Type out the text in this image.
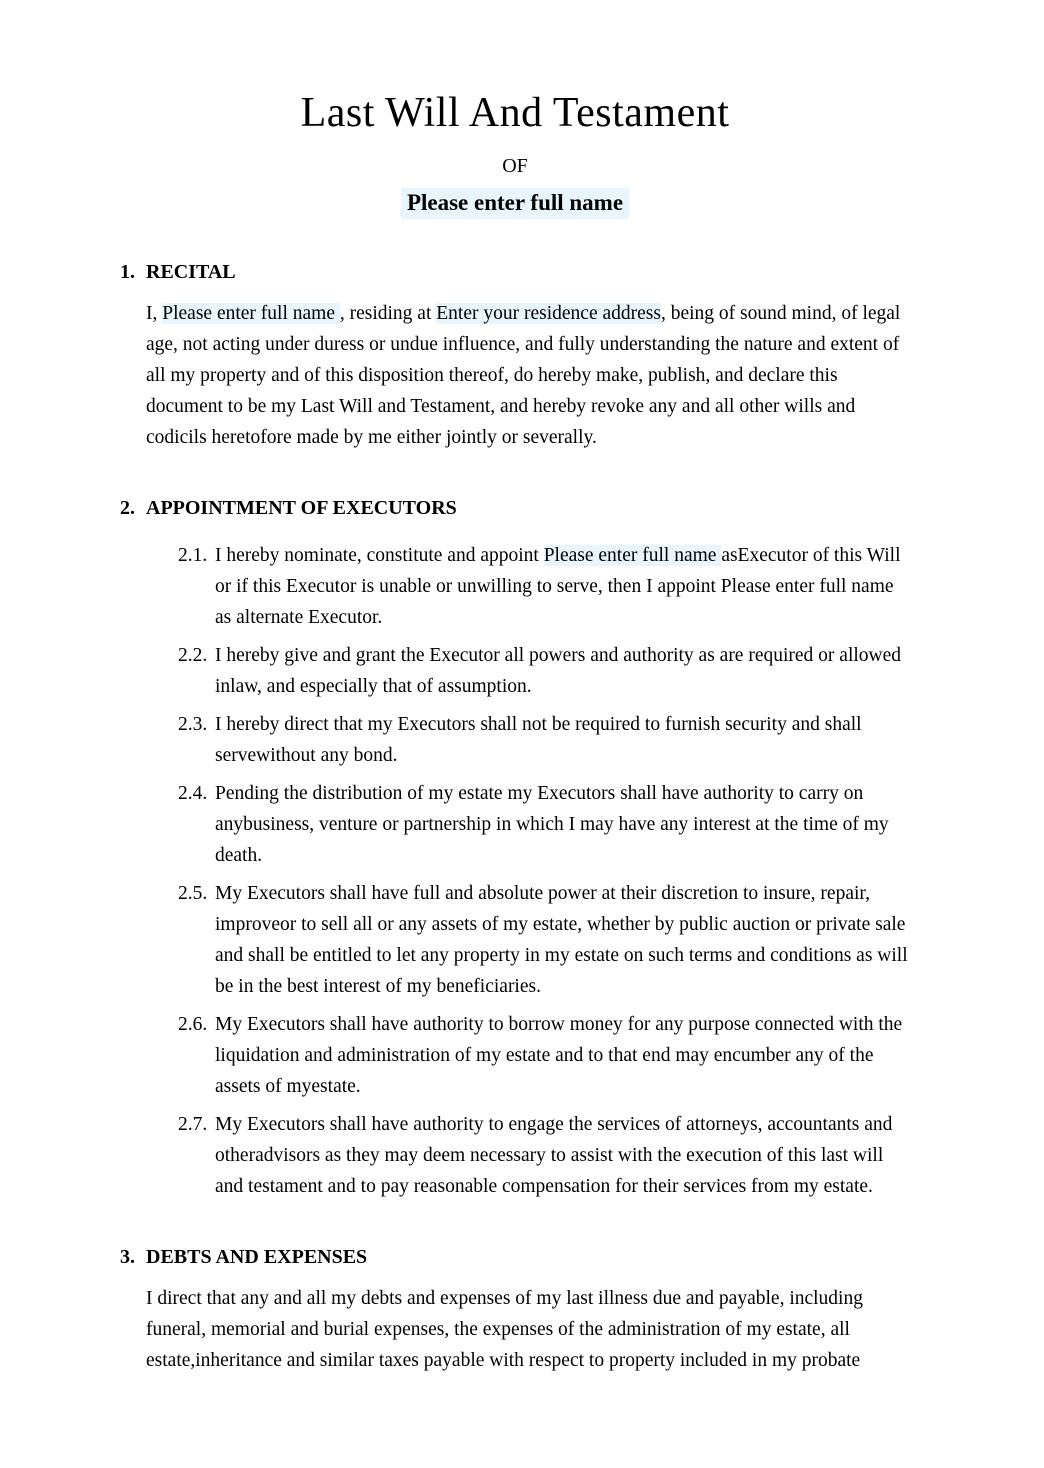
Last Will And Testament
OF
Please enter full name
1. RECITAL

I, Please enter full name , residing at Enter your residence address, being of sound mind, of legal age, not acting under duress or undue influence, and fully understanding the nature and extent of all my property and of this disposition thereof, do hereby make, publish, and declare this document to be my Last Will and Testament, and hereby revoke any and all other wills and codicils heretofore made by me either jointly or severally.

2. APPOINTMENT OF EXECUTORS
2.1. I hereby nominate, constitute and appoint Please enter full name asExecutor of this Will or if this Executor is unable or unwilling to serve, then I appoint Please enter full name as alternate Executor.
2.2. I hereby give and grant the Executor all powers and authority as are required or allowed inlaw, and especially that of assumption.
2.3. I hereby direct that my Executors shall not be required to furnish security and shall servewithout any bond.
2.4. Pending the distribution of my estate my Executors shall have authority to carry on anybusiness, venture or partnership in which I may have any interest at the time of my death.
2.5. My Executors shall have full and absolute power at their discretion to insure, repair, improveor to sell all or any assets of my estate, whether by public auction or private sale and shall be entitled to let any property in my estate on such terms and conditions as will be in the best interest of my beneficiaries.
2.6. My Executors shall have authority to borrow money for any purpose connected with the liquidation and administration of my estate and to that end may encumber any of the assets of myestate.
2.7. My Executors shall have authority to engage the services of attorneys, accountants and otheradvisors as they may deem necessary to assist with the execution of this last will and testament and to pay reasonable compensation for their services from my estate.
3. DEBTS AND EXPENSES

I direct that any and all my debts and expenses of my last illness due and payable, including funeral, memorial and burial expenses, the expenses of the administration of my estate, all estate,inheritance and similar taxes payable with respect to property included in my probate
